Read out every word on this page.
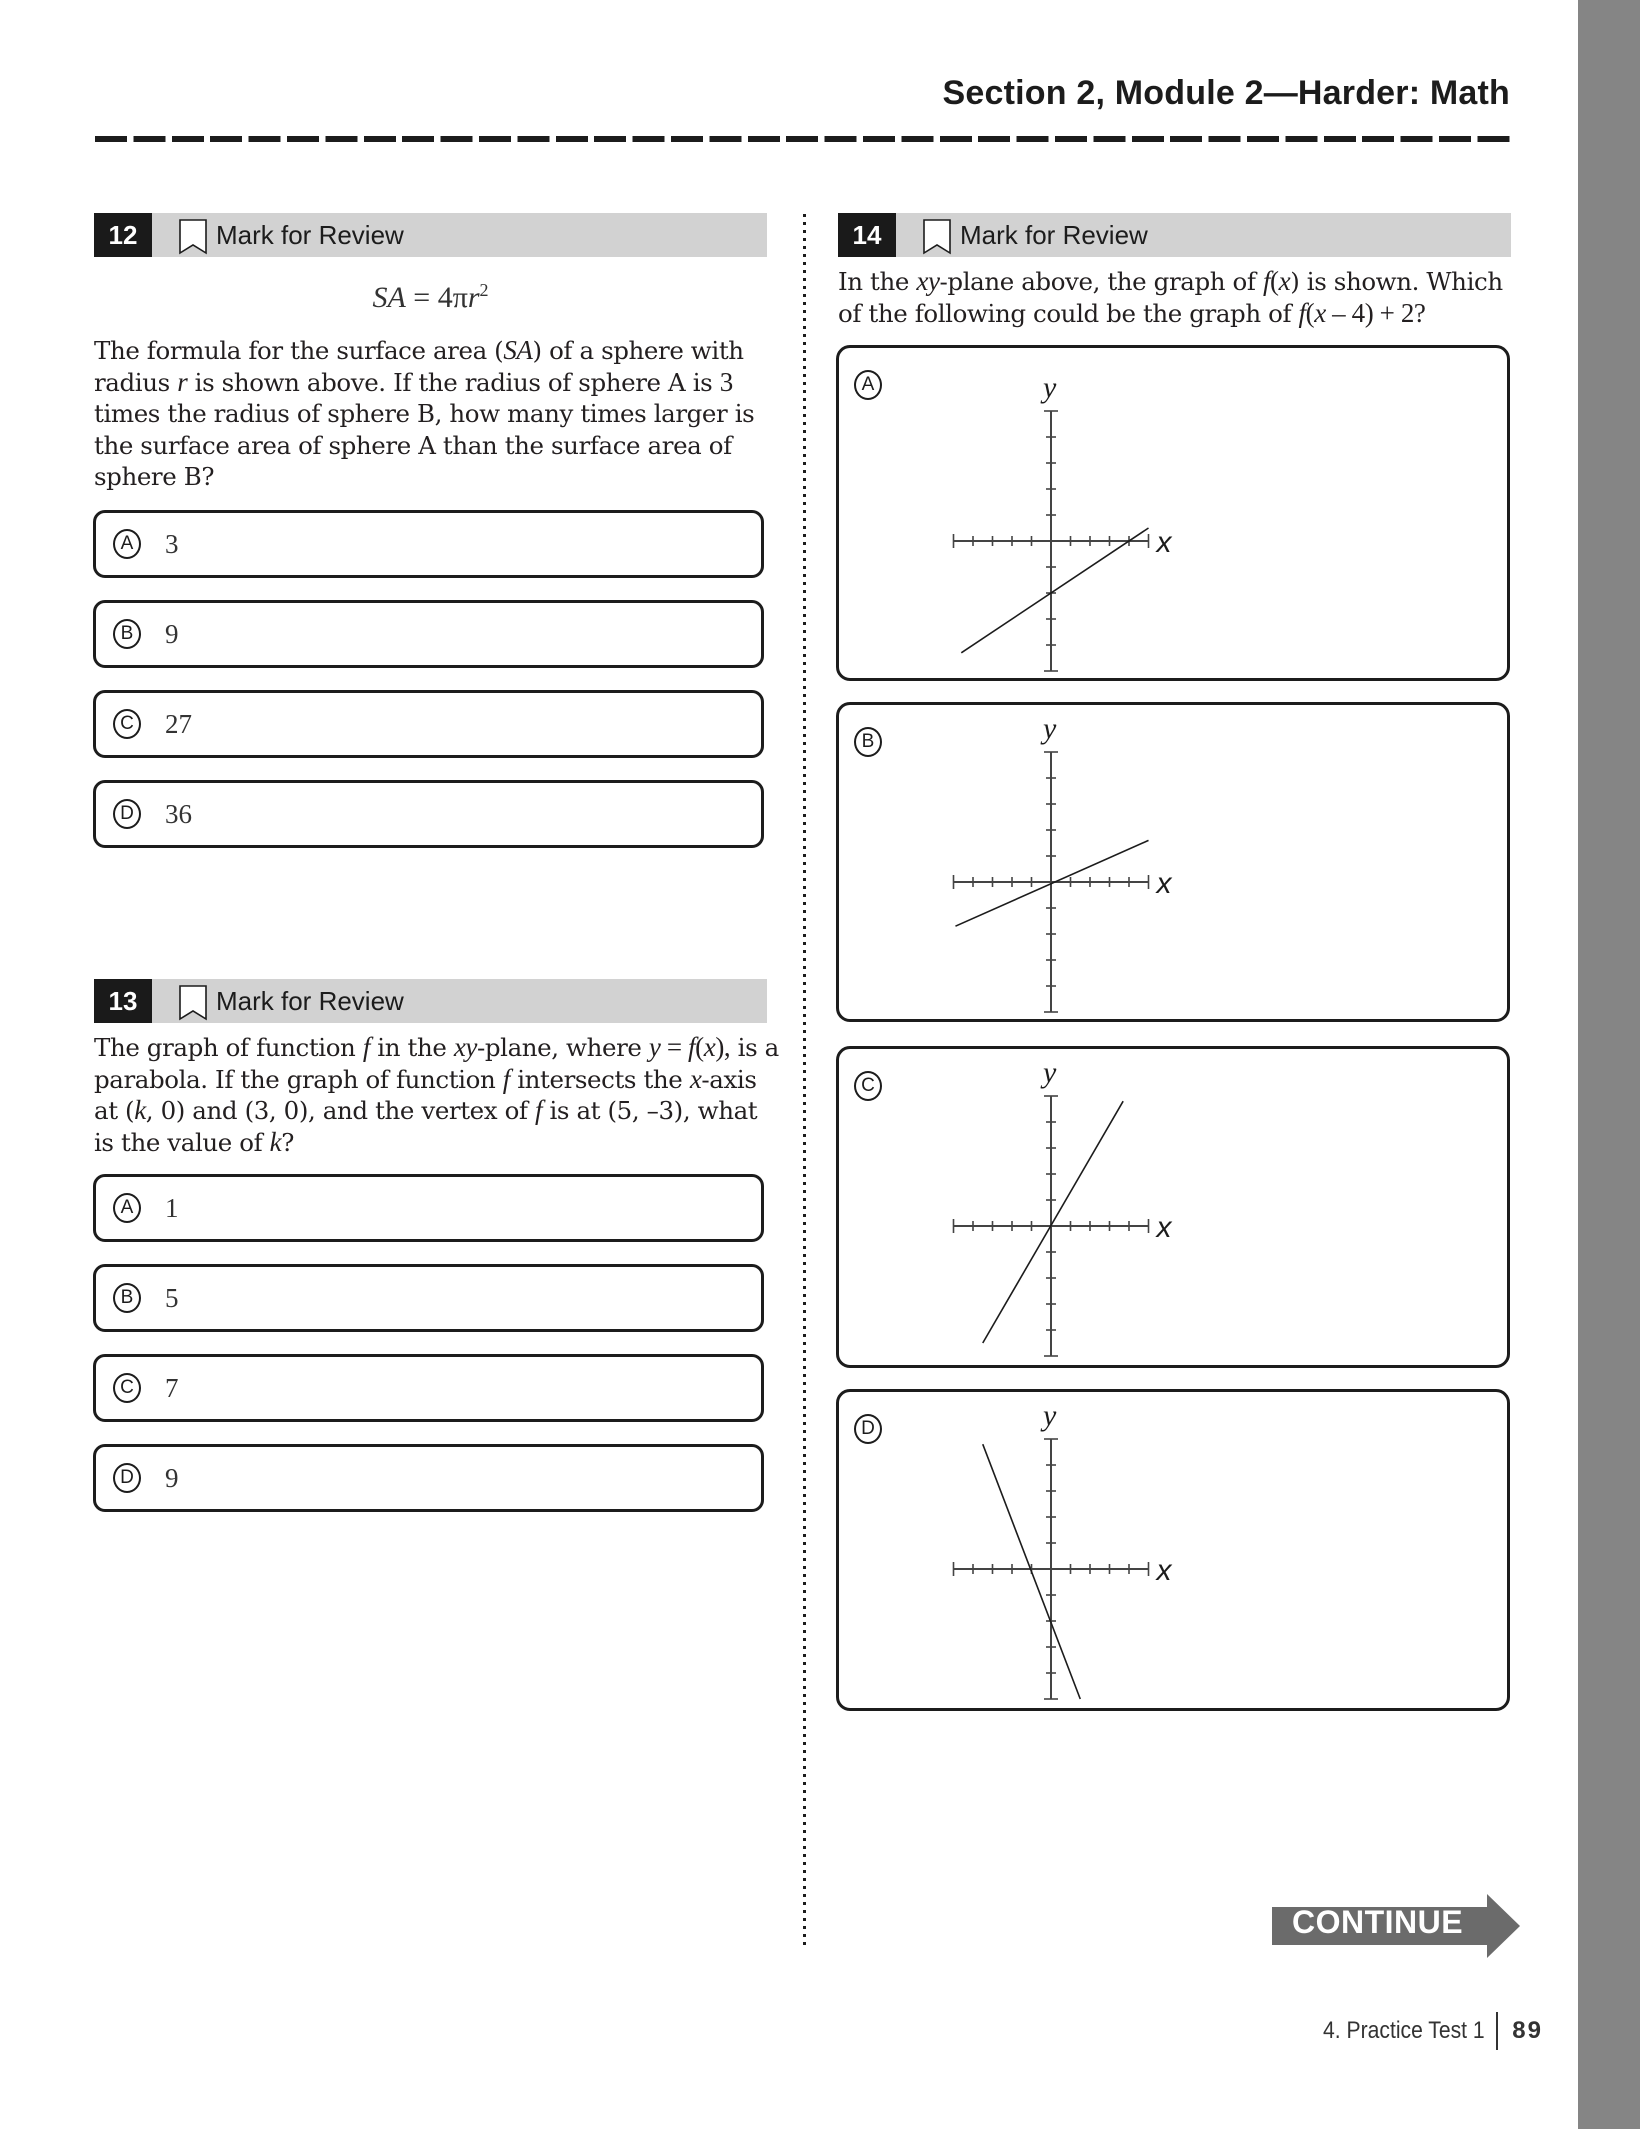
Section 2, Module 2—Harder: Math
12	Mark for Review
SA = $4\pi r^2$
The formula for the surface area (SA) of a sphere with radius r is shown above. If the radius of sphere A is 3 times the radius of sphere B, how many times larger is the surface area of sphere A than the surface area of sphere B?
A 3
B 9
C 27
D 36
13	Mark for Review
The graph of function f in the xy-plane, where y = f(x), is a parabola. If the graph of function f intersects the x-axis at (k, 0) and (3, 0), and the vertex of f is at (5, –3), what is the value of k?
A 1
B 5
C 7
D 9
14	Mark for Review
In the xy-plane above, the graph of f(x) is shown. Which
of the following could be the graph of f(x – 4) + 2?
x
y
A
x
y
B
x
y
C
x
y
D
CONTINUE
4. Practice Test 1 89
